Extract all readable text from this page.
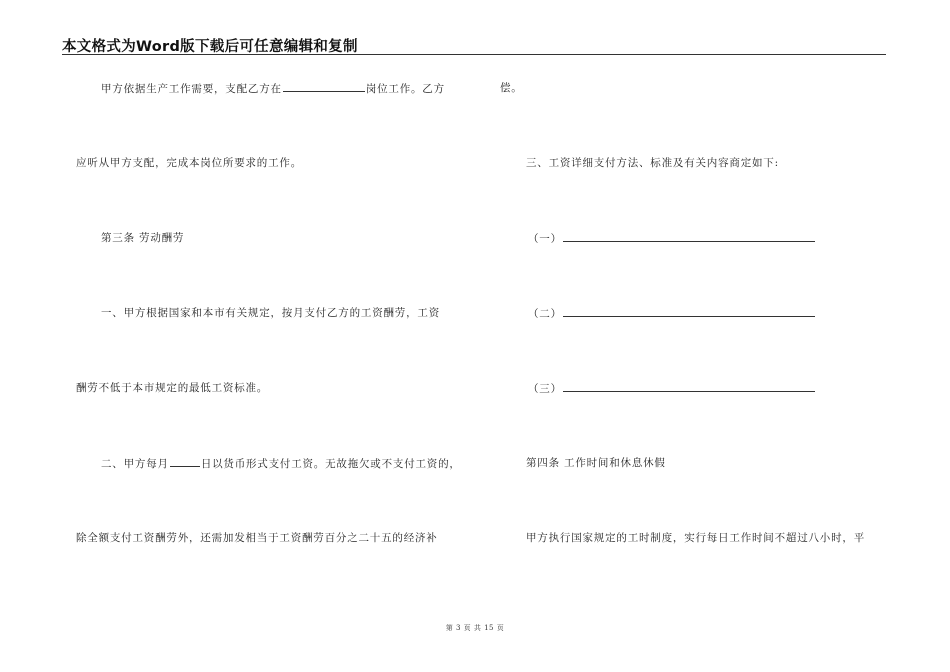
本文格式为Word版下载后可任意编辑和复制
甲方依据生产工作需要，支配乙方在	岗位工作。乙方
应听从甲方支配，完成本岗位所要求的工作。
第三条 劳动酬劳
一、甲方根据国家和本市有关规定，按月支付乙方的工资酬劳，工资
酬劳不低于本市规定的最低工资标准。
二、甲方每月	日以货币形式支付工资。无故拖欠或不支付工资的，
除全额支付工资酬劳外，还需加发相当于工资酬劳百分之二十五的经济补
偿。
三、工资详细支付方法、标准及有关内容商定如下:
（一）
（二）
（三）
第四条 工作时间和休息休假
甲方执行国家规定的工时制度，实行每日工作时间不超过八小时，平
第 3 页 共 15 页
